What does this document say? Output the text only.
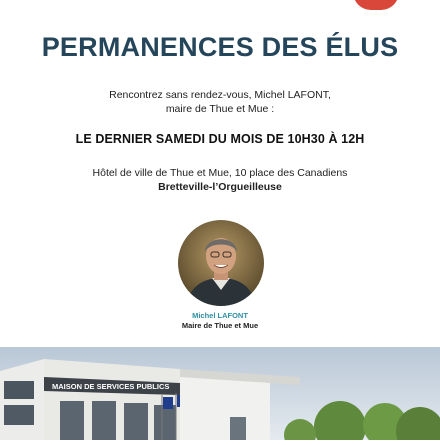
PERMANENCES DES ÉLUS
Rencontrez sans rendez-vous, Michel LAFONT,
maire de Thue et Mue :
LE DERNIER SAMEDI DU MOIS DE 10H30 À 12H
Hôtel de ville de Thue et Mue, 10 place des Canadiens
Bretteville-l’Orgueilleuse
Michel LAFONT
Maire de Thue et Mue
MAISON DE SERVICES PUBLICS
